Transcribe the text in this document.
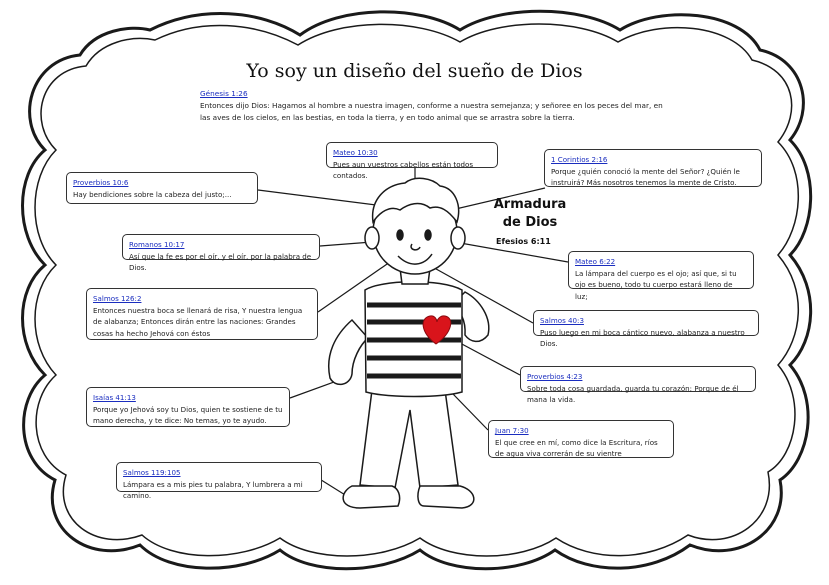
Yo soy un diseño del sueño de Dios
Génesis 1:26
Entonces dijo Dios: Hagamos al hombre a nuestra imagen, conforme a nuestra semejanza; y señoree en los peces del mar, en las aves de los cielos, en las bestias, en toda la tierra, y en todo animal que se arrastra sobre la tierra.
Armadura
de Dios
Efesios 6:11
Mateo 10:30
Pues aun vuestros cabellos están todos contados.
1 Corintios 2:16
Porque ¿quién conoció la mente del Señor? ¿Quién le instruirá? Más nosotros tenemos la mente de Cristo.
Proverbios 10:6
Hay bendiciones sobre la cabeza del justo;...
Romanos 10:17
Así que la fe es por el oír, y el oír, por la palabra de Dios.
Mateo 6:22
La lámpara del cuerpo es el ojo; así que, si tu ojo es bueno, todo tu cuerpo estará lleno de luz;
Salmos 126:2
Entonces nuestra boca se llenará de risa, Y nuestra lengua de alabanza; Entonces dirán entre las naciones: Grandes cosas ha hecho Jehová con éstos
Salmos 40:3
Puso luego en mi boca cántico nuevo, alabanza a nuestro Dios.
Proverbios 4:23
Sobre toda cosa guardada, guarda tu corazón; Porque de él mana la vida.
Isaías 41:13
Porque yo Jehová soy tu Dios, quien te sostiene de tu mano derecha, y te dice: No temas, yo te ayudo.
Juan 7:30
El que cree en mí, como dice la Escritura, ríos de agua viva correrán de su vientre
Salmos 119:105
Lámpara es a mis pies tu palabra, Y lumbrera a mi camino.
